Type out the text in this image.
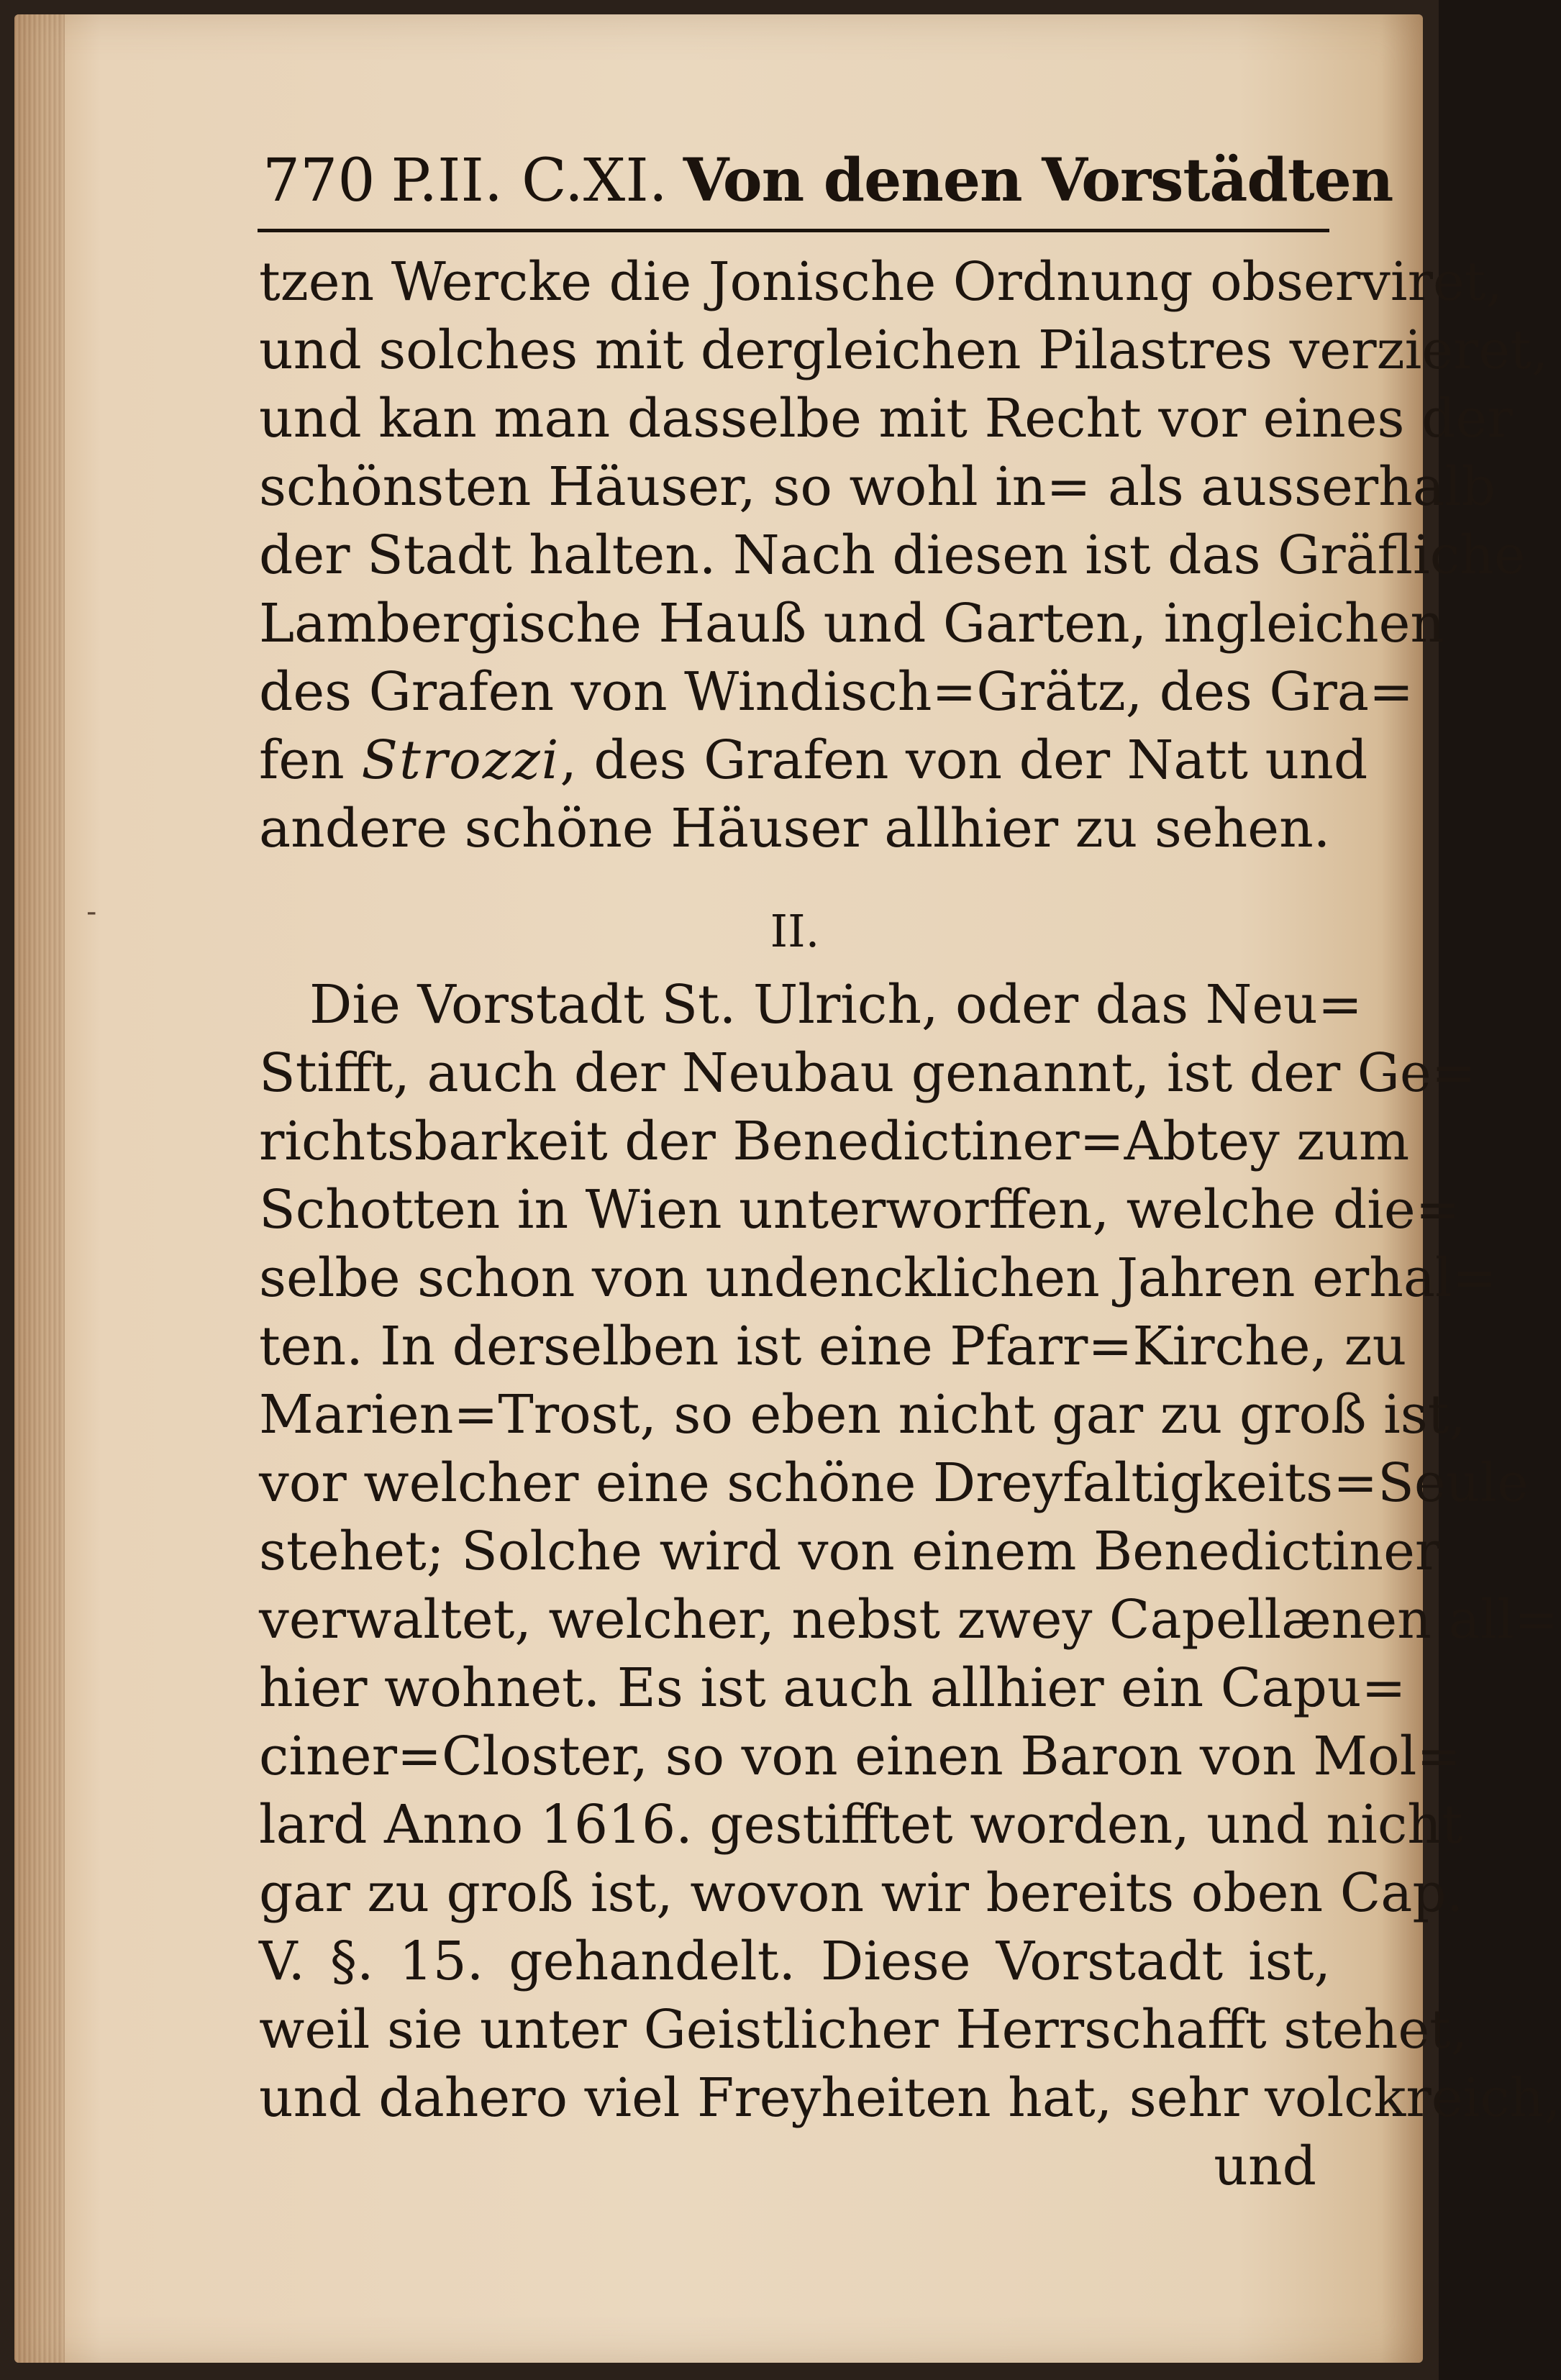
770 P.II. C.XI. Von denen Vorstädten
tzen Wercke die Jonische Ordnung observiret,
und solches mit dergleichen Pilastres verzieret,
und kan man dasselbe mit Recht vor eines der
schönsten Häuser, so wohl in= als ausserhalb
der Stadt halten. Nach diesen ist das Gräfliche
Lambergische Hauß und Garten, ingleichen
des Grafen von Windisch=Grätz, des Gra=
fen Strozzi, des Grafen von der Natt und
andere schöne Häuser allhier zu sehen.
II.
Die Vorstadt St. Ulrich, oder das Neu=
Stifft, auch der Neubau genannt, ist der Ge=
richtsbarkeit der Benedictiner=Abtey zum
Schotten in Wien unterworffen, welche die=
selbe schon von undencklichen Jahren erhal=
ten. In derselben ist eine Pfarr=Kirche, zu
Marien=Trost, so eben nicht gar zu groß ist,
vor welcher eine schöne Dreyfaltigkeits=Seule
stehet; Solche wird von einem Benedictiner
verwaltet, welcher, nebst zwey Capellænen all=
hier wohnet. Es ist auch allhier ein Capu=
ciner=Closter, so von einen Baron von Mol=
lard Anno 1616. gestifftet worden, und nicht
gar zu groß ist, wovon wir bereits oben Cap.
V. §. 15. gehandelt. Diese Vorstadt ist,
weil sie unter Geistlicher Herrschafft stehet,
und dahero viel Freyheiten hat, sehr volckreich,
und
-
